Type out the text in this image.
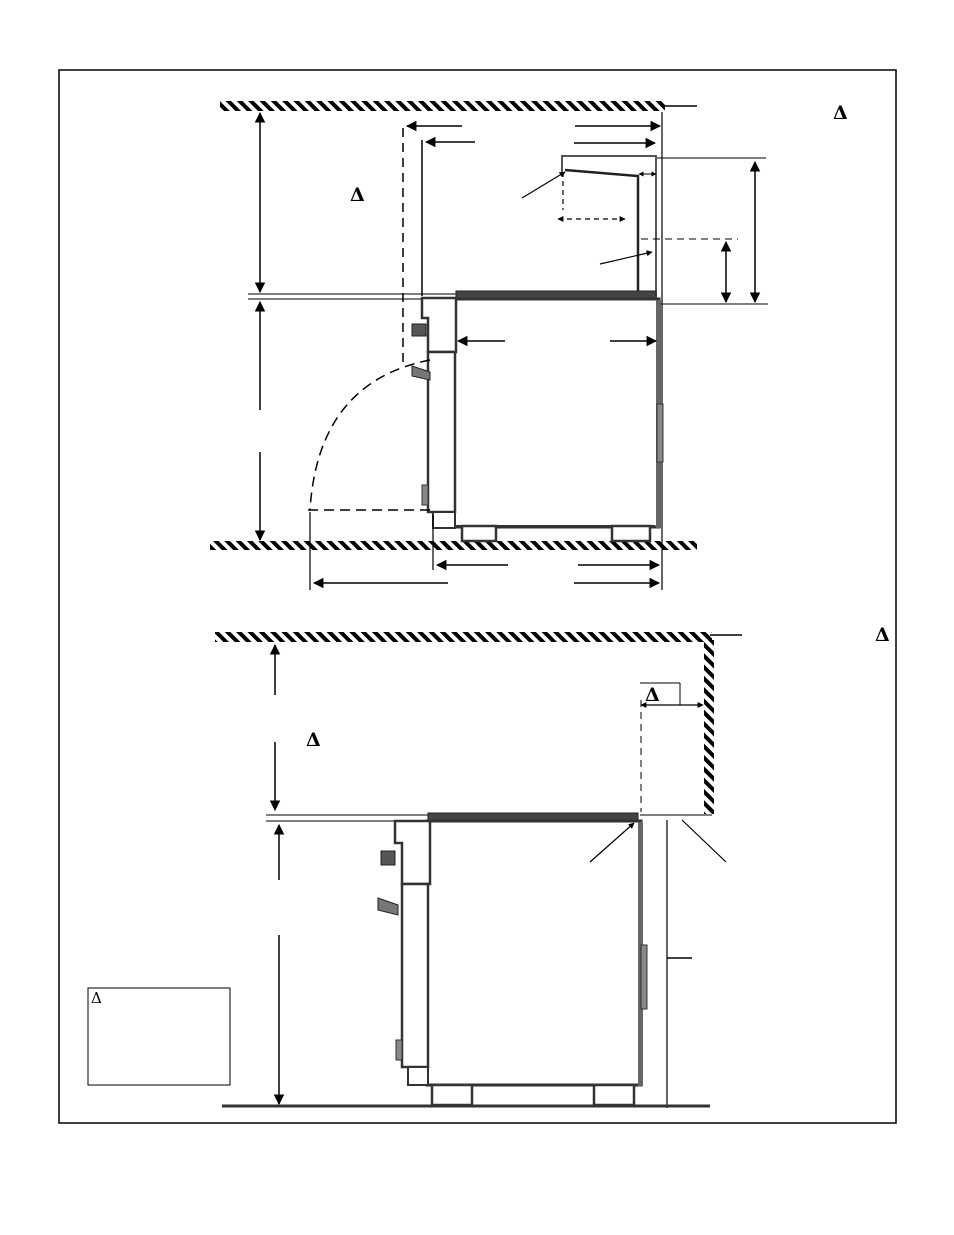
Δ
Δ
Δ
Δ
Δ
Δ
